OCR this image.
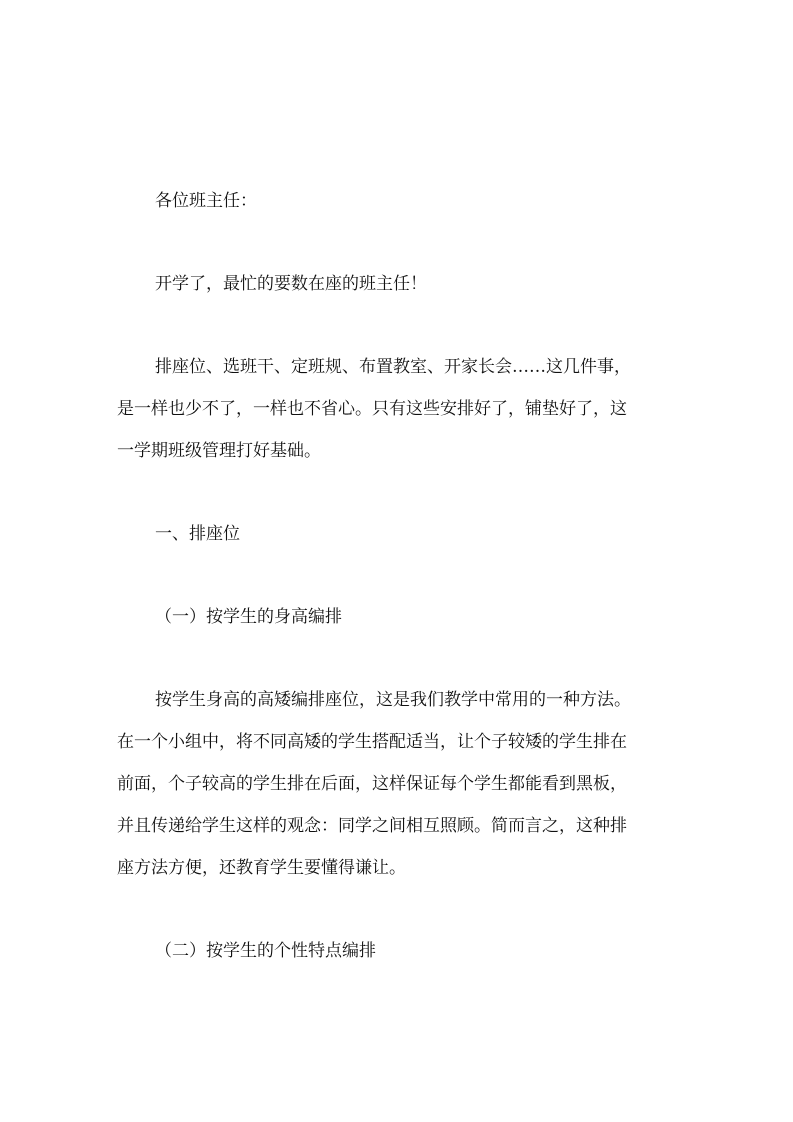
各位班主任：

开学了，最忙的要数在座的班主任！

排座位、选班干、定班规、布置教室、开家长会……这几件事，

是一样也少不了，一样也不省心。只有这些安排好了，铺垫好了，这

一学期班级管理打好基础。

一、排座位

（一）按学生的身高编排

按学生身高的高矮编排座位，这是我们教学中常用的一种方法。

在一个小组中，将不同高矮的学生搭配适当，让个子较矮的学生排在

前面，个子较高的学生排在后面，这样保证每个学生都能看到黑板，

并且传递给学生这样的观念：同学之间相互照顾。简而言之，这种排

座方法方便，还教育学生要懂得谦让。

（二）按学生的个性特点编排
